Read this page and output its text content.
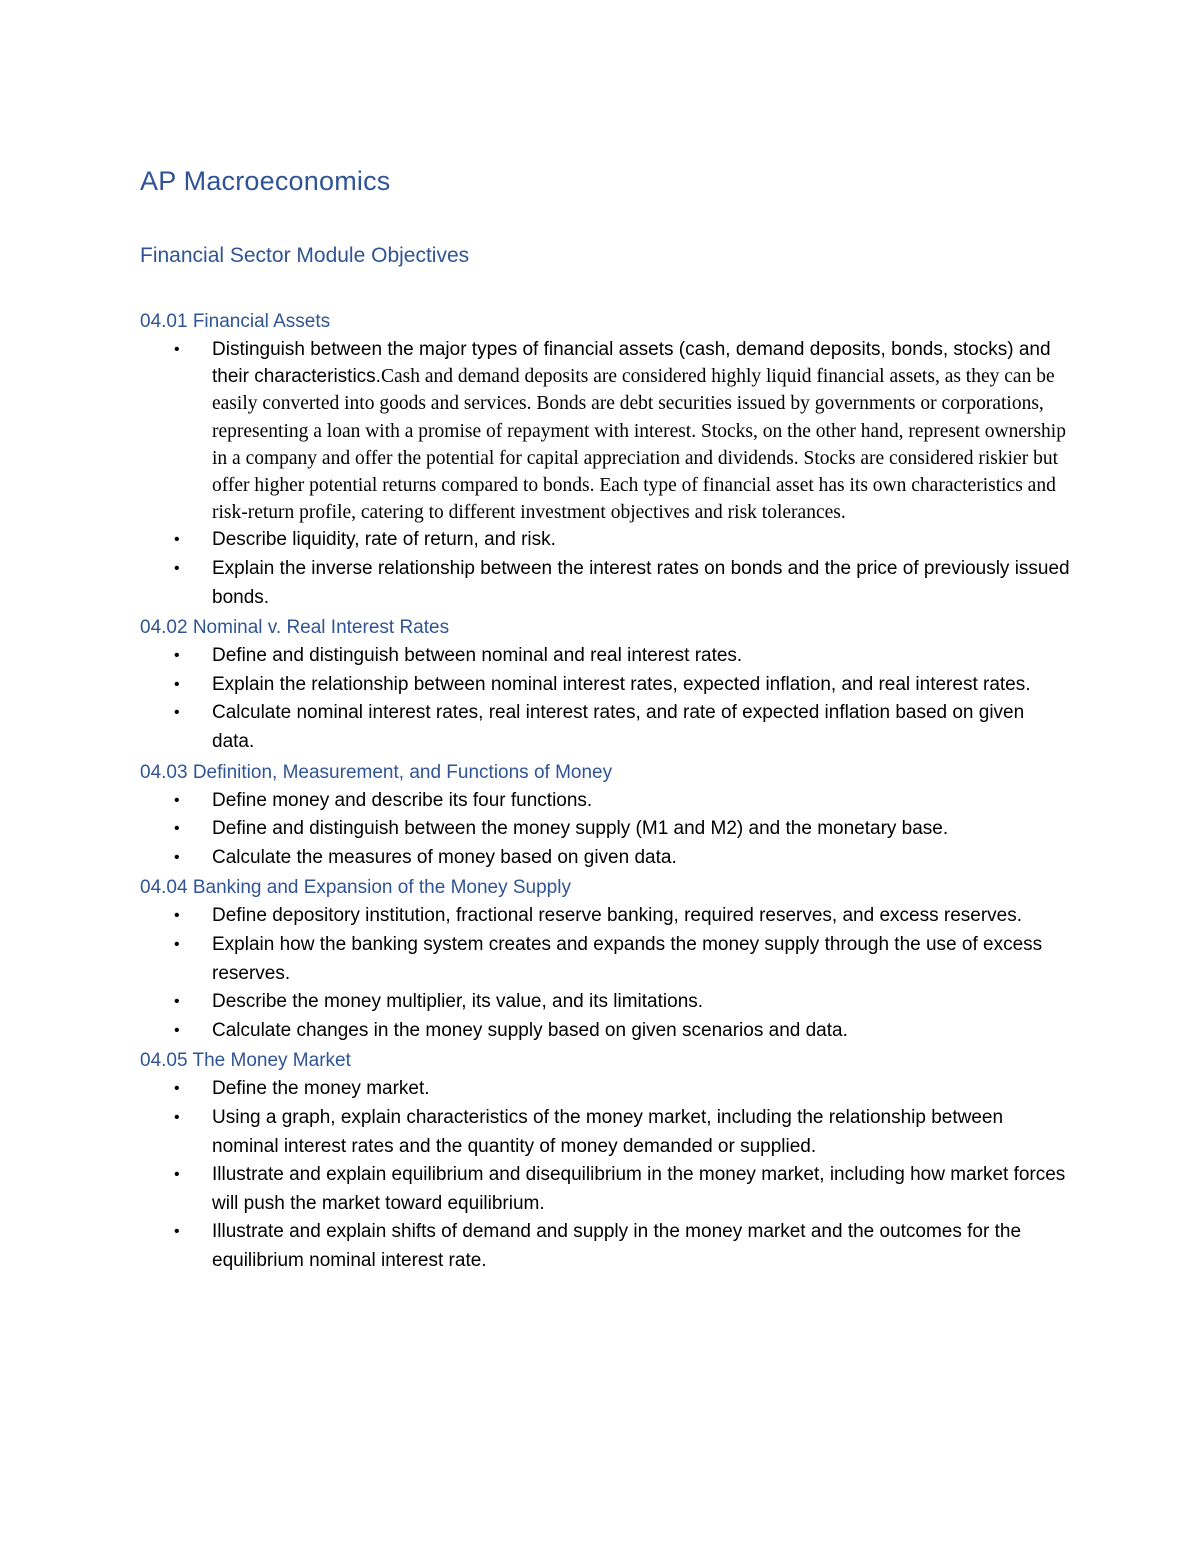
AP Macroeconomics
Financial Sector Module Objectives
04.01 Financial Assets
• Distinguish between the major types of financial assets (cash, demand deposits, bonds, stocks) and their characteristics.Cash and demand deposits are considered highly liquid financial assets, as they can be easily converted into goods and services. Bonds are debt securities issued by governments or corporations, representing a loan with a promise of repayment with interest. Stocks, on the other hand, represent ownership in a company and offer the potential for capital appreciation and dividends. Stocks are considered riskier but offer higher potential returns compared to bonds. Each type of financial asset has its own characteristics and risk-return profile, catering to different investment objectives and risk tolerances.
• Describe liquidity, rate of return, and risk.
• Explain the inverse relationship between the interest rates on bonds and the price of previously issued bonds.
04.02 Nominal v. Real Interest Rates
• Define and distinguish between nominal and real interest rates.
• Explain the relationship between nominal interest rates, expected inflation, and real interest rates.
• Calculate nominal interest rates, real interest rates, and rate of expected inflation based on given data.
04.03 Definition, Measurement, and Functions of Money
• Define money and describe its four functions.
• Define and distinguish between the money supply (M1 and M2) and the monetary base.
• Calculate the measures of money based on given data.
04.04 Banking and Expansion of the Money Supply
• Define depository institution, fractional reserve banking, required reserves, and excess reserves.
• Explain how the banking system creates and expands the money supply through the use of excess reserves.
• Describe the money multiplier, its value, and its limitations.
• Calculate changes in the money supply based on given scenarios and data.
04.05 The Money Market
• Define the money market.
• Using a graph, explain characteristics of the money market, including the relationship between nominal interest rates and the quantity of money demanded or supplied.
• Illustrate and explain equilibrium and disequilibrium in the money market, including how market forces will push the market toward equilibrium.
• Illustrate and explain shifts of demand and supply in the money market and the outcomes for the equilibrium nominal interest rate.
